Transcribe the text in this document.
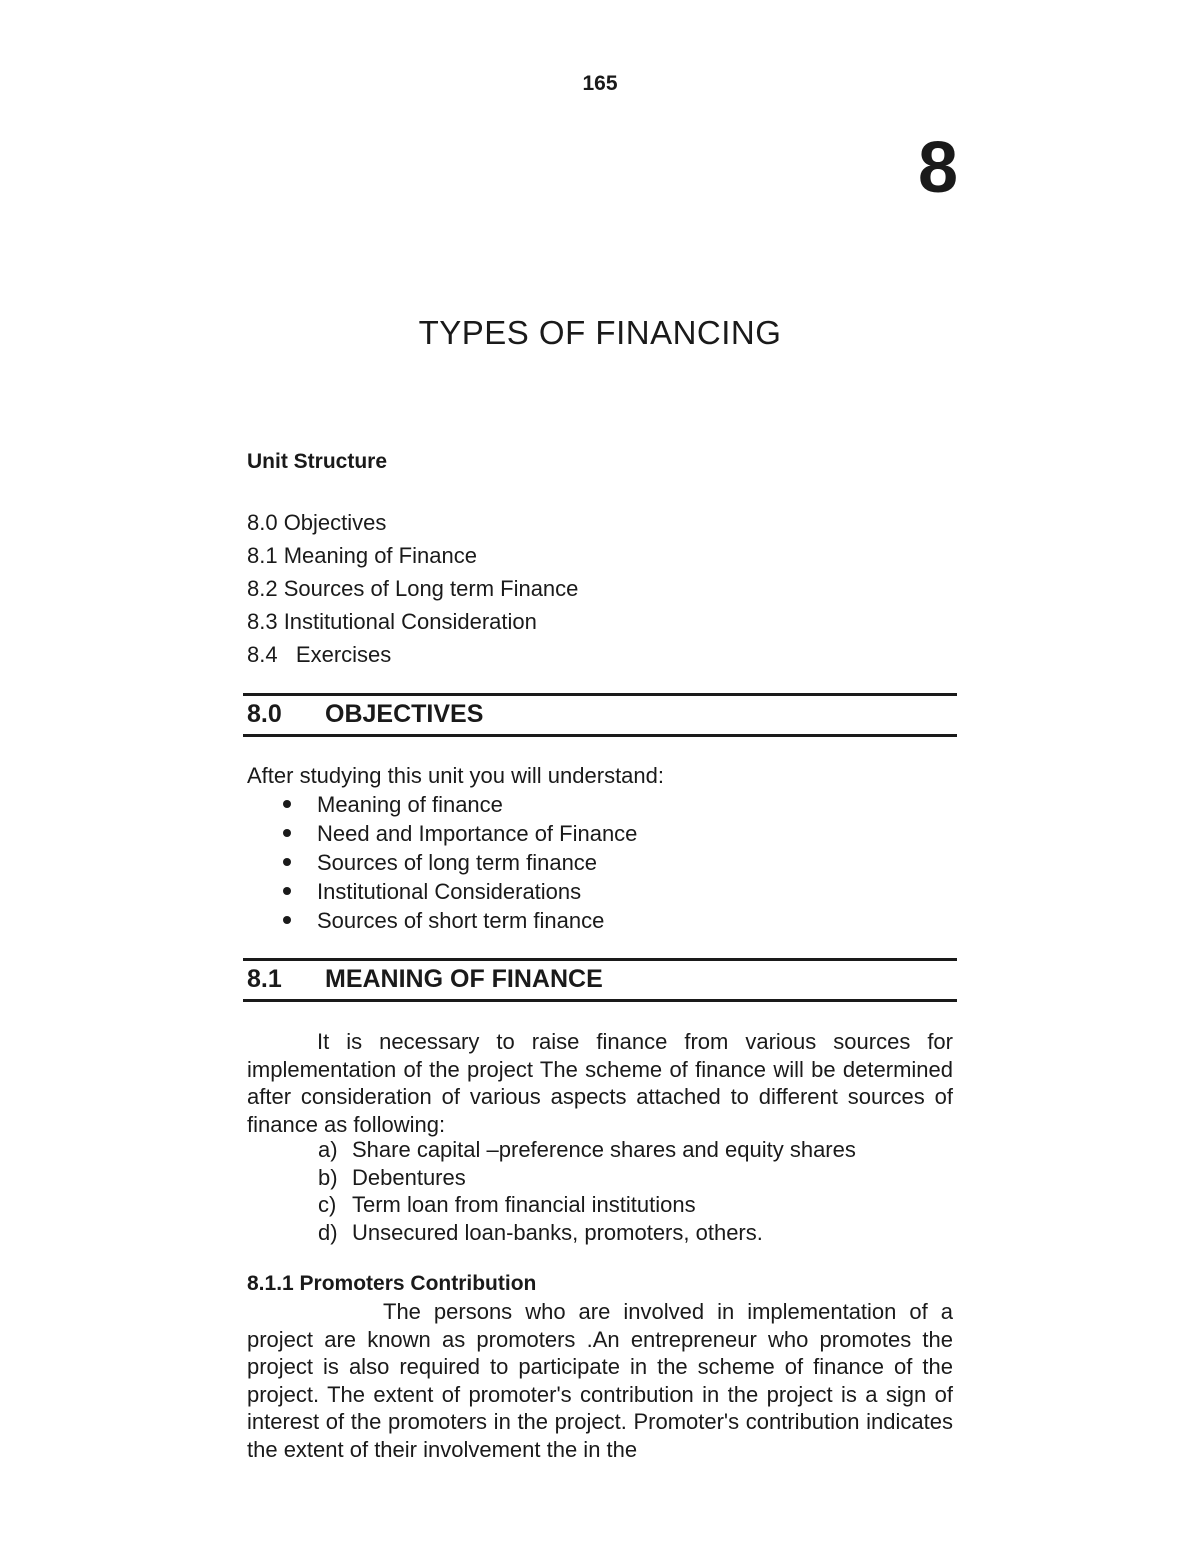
165
8
TYPES OF FINANCING
Unit Structure
8.0 Objectives
8.1 Meaning of Finance
8.2 Sources of Long term Finance
8.3 Institutional Consideration
8.4   Exercises
8.0 OBJECTIVES
After studying this unit you will understand:
Meaning of finance
Need and Importance of Finance
Sources of long term finance
Institutional Considerations
Sources of short term finance
8.1 MEANING OF FINANCE

It is necessary to raise finance from various sources for implementation of the project The scheme of finance will be determined after consideration of various aspects attached to different sources of finance as following:

a) Share capital –preference shares and equity shares
b) Debentures
c) Term loan from financial institutions
d) Unsecured loan-banks, promoters, others.
8.1.1 Promoters Contribution

The persons who are involved in implementation of a project are known as promoters .An entrepreneur who promotes the project is also required to participate in the scheme of finance of the project. The extent of promoter's contribution in the project is a sign of interest of the promoters in the project. Promoter's contribution indicates the extent of their involvement the in the
